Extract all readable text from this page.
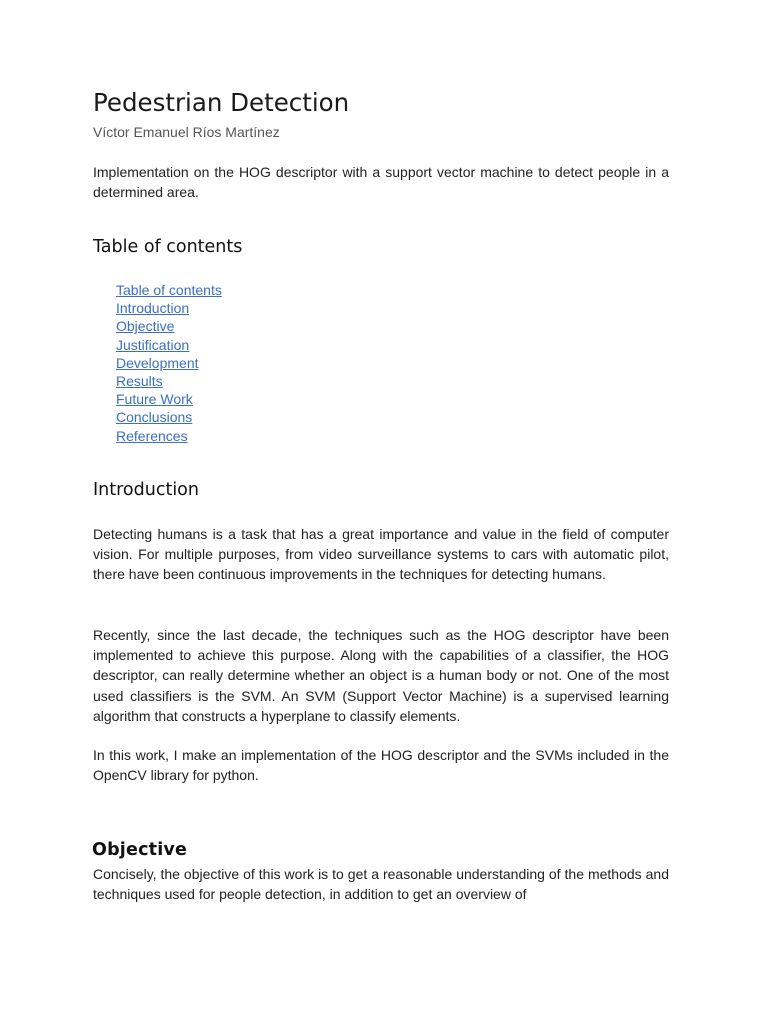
Pedestrian Detection
Víctor Emanuel Ríos Martínez

Implementation on the HOG descriptor with a support vector machine to detect people in a determined area.

Table of contents
Table of contents
Introduction
Objective
Justification
Development
Results
Future Work
Conclusions
References
Introduction

Detecting humans is a task that has a great importance and value in the field of computer vision. For multiple purposes, from video surveillance systems to cars with automatic pilot, there have been continuous improvements in the techniques for detecting humans.

Recently, since the last decade, the techniques such as the HOG descriptor have been implemented to achieve this purpose. Along with the capabilities of a classifier, the HOG descriptor, can really determine whether an object is a human body or not. One of the most used classifiers is the SVM. An SVM (Support Vector Machine) is a supervised learning algorithm that constructs a hyperplane to classify elements.

In this work, I make an implementation of the HOG descriptor and the SVMs included in the OpenCV library for python.

Objective

Concisely, the objective of this work is to get a reasonable understanding of the methods and techniques used for people detection, in addition to get an overview of
